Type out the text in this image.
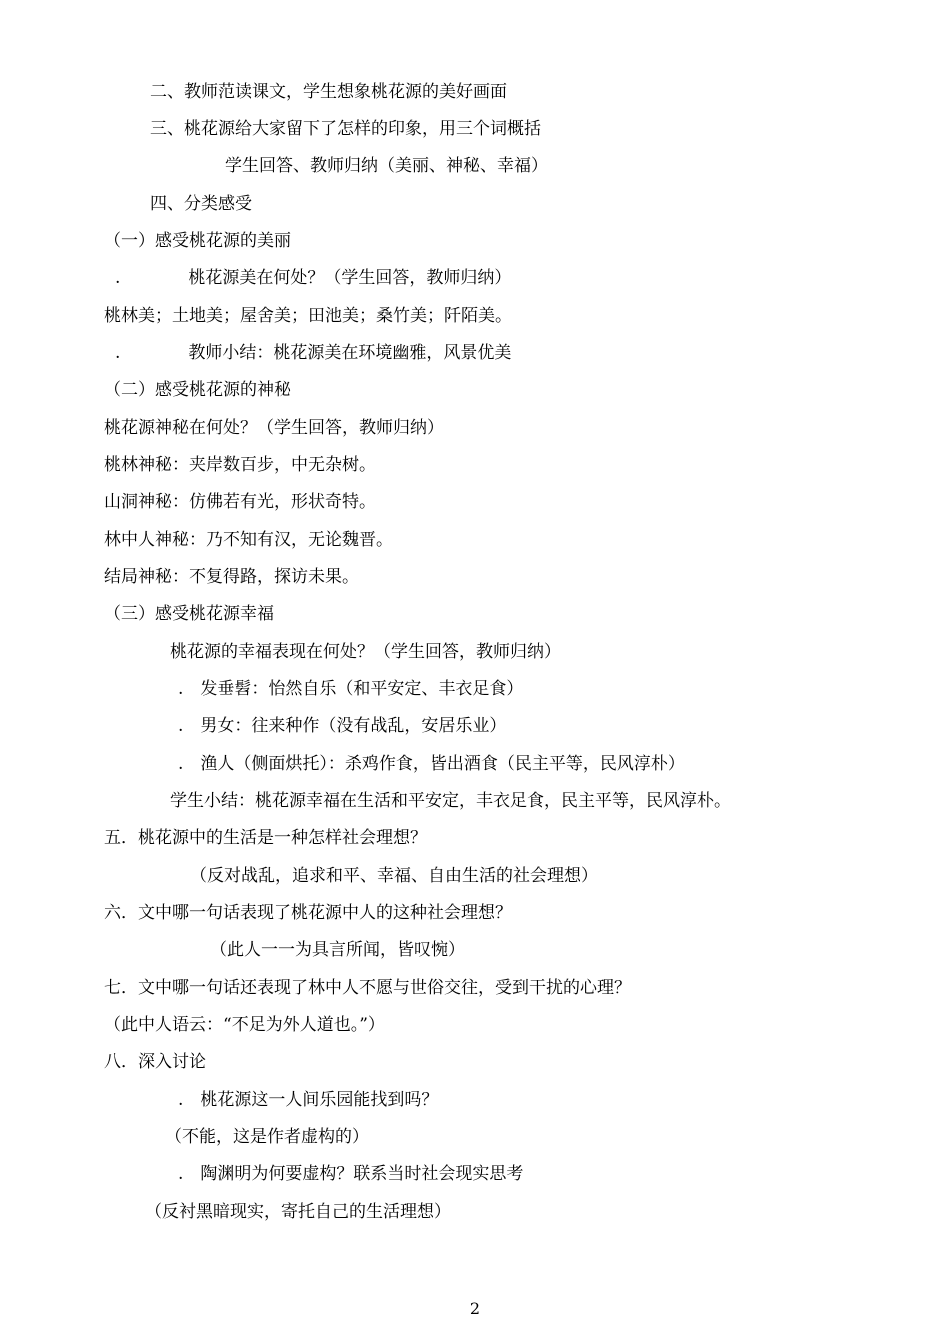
二、教师范读课文，学生想象桃花源的美好画面
三、桃花源给大家留下了怎样的印象，用三个词概括
学生回答、教师归纳（美丽、神秘、幸福）
四、分类感受
（一）感受桃花源的美丽
.　　　　桃花源美在何处？（学生回答，教师归纳）
桃林美；土地美；屋舍美；田池美；桑竹美；阡陌美。
.　　　　教师小结：桃花源美在环境幽雅，风景优美
（二）感受桃花源的神秘
桃花源神秘在何处？（学生回答，教师归纳）
桃林神秘：夹岸数百步，中无杂树。
山洞神秘：仿佛若有光，形状奇特。
林中人神秘：乃不知有汉，无论魏晋。
结局神秘：不复得路，探访未果。
（三）感受桃花源幸福
桃花源的幸福表现在何处？（学生回答，教师归纳）
.　发垂髫：怡然自乐（和平安定、丰衣足食）
.　男女：往来种作（没有战乱，安居乐业）
.　渔人（侧面烘托）：杀鸡作食，皆出酒食（民主平等，民风淳朴）
学生小结：桃花源幸福在生活和平安定，丰衣足食，民主平等，民风淳朴。
五．桃花源中的生活是一种怎样社会理想？
（反对战乱，追求和平、幸福、自由生活的社会理想）
六．文中哪一句话表现了桃花源中人的这种社会理想？
（此人一一为具言所闻，皆叹惋）
七．文中哪一句话还表现了林中人不愿与世俗交往，受到干扰的心理？
（此中人语云：“不足为外人道也。”）
八．深入讨论
.　桃花源这一人间乐园能找到吗？
（不能，这是作者虚构的）
.　陶渊明为何要虚构？联系当时社会现实思考
（反衬黑暗现实，寄托自己的生活理想）
2
